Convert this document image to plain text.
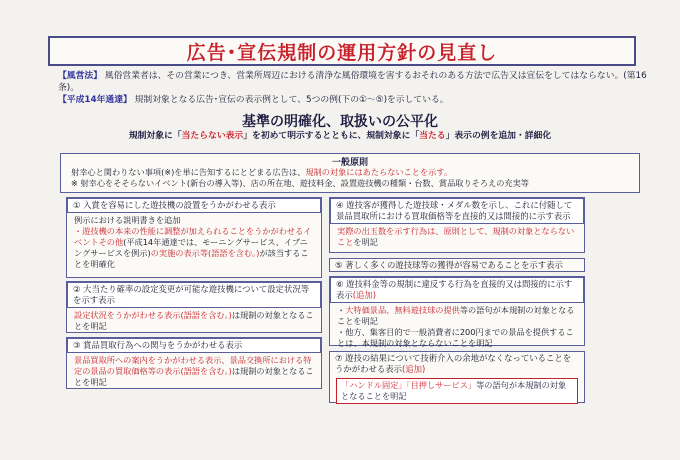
広告･宣伝規制の運用方針の見直し
【風営法】 風俗営業者は、その営業につき、営業所周辺における清浄な風俗環境を害するおそれのある方法で広告又は宣伝をしてはならない。(第16条)。
【平成14年通達】 規制対象となる広告･宣伝の表示例として、5つの例(下の①～⑤)を示している。
基準の明確化、取扱いの公平化
規制対象に「当たらない表示」を初めて明示するとともに、規制対象に「当たる」表示の例を追加・詳細化
一般原則
射幸心と関わりない事項(※)を単に告知するにとどまる広告は、規制の対象にはあたらないことを示す。
※ 射幸心をそそらないイベント(新台の導入等)、店の所在地、遊技料金、設置遊技機の種類・台数、賞品取りそろえの充実等
① 入賞を容易にした遊技機の設置をうかがわせる表示
例示における説明書きを追加
・遊技機の本来の性能に調整が加えられることをうかがわせるイベントその他(平成14年通達では、モーニングサービス、イブニングサービスを例示)の実施の表示等(語語を含む。)が該当することを明確化
② 大当たり確率の設定変更が可能な遊技機について設定状況等を示す表示
設定状況をうかがわせる表示(語語を含む。)は規制の対象となることを明記
③ 賞品買取行為への関与をうかがわせる表示
景品買取所への案内をうかがわせる表示、景品交換所における特定の景品の買取価格等の表示(語語を含む。)は規制の対象となることを明記
④ 遊技客が獲得した遊技球・メダル数を示し、これに付随して景品買取所における買取価格等を直接的又は間接的に示す表示
実際の出玉数を示す行為は、原則として、規制の対象とならないことを明記
⑤ 著しく多くの遊技球等の獲得が容易であることを示す表示
⑥ 遊技料金等の規制に違反する行為を直接的又は間接的に示す表示(追加)
・大特価景品、無料遊技球の提供等の語句が本規制の対象となることを明記
・他方、集客目的で一般消費者に200円までの景品を提供することは、本規制の対象とならないことを明記
⑦ 遊技の結果について技術介入の余地がなくなっていることをうかがわせる表示(追加)
「ハンドル固定」「目押しサービス」等の語句が本規制の対象となることを明記
